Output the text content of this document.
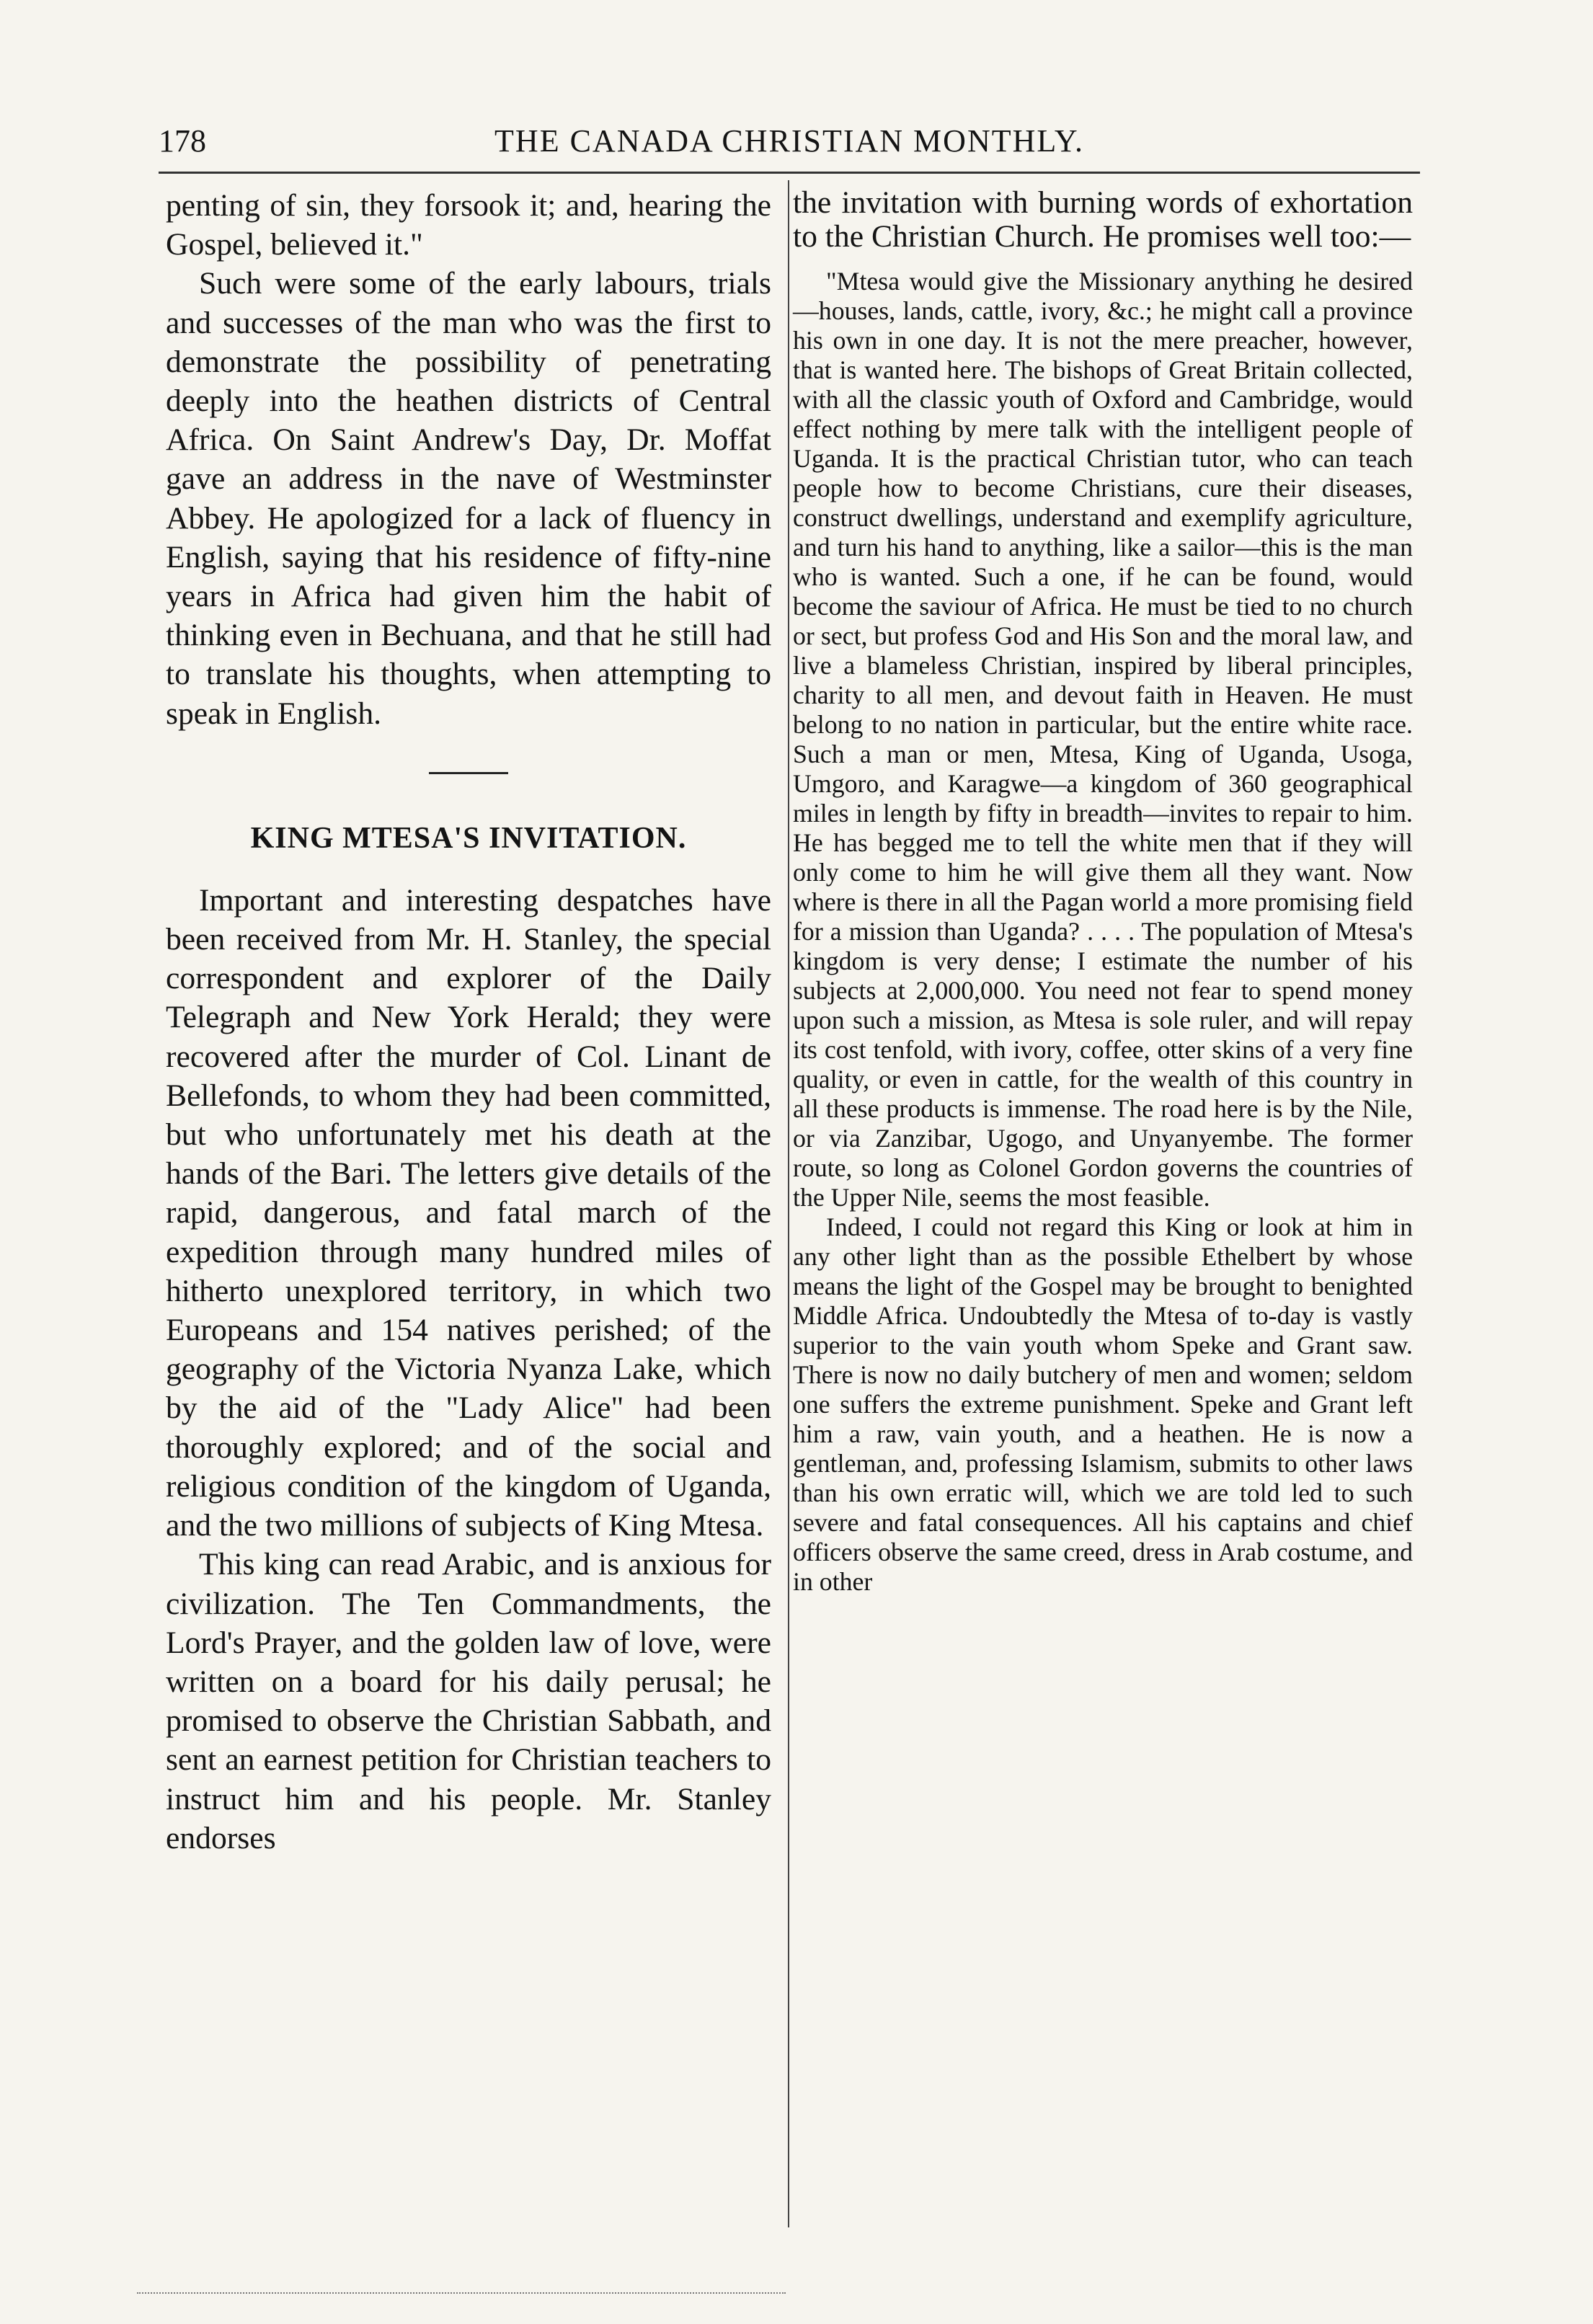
178	THE CANADA CHRISTIAN MONTHLY.

penting of sin, they forsook it; and, hearing the Gospel, believed it."

Such were some of the early labours, trials and successes of the man who was the first to demonstrate the possibility of penetrating deeply into the heathen districts of Central Africa. On Saint Andrew's Day, Dr. Moffat gave an address in the nave of Westminster Abbey. He apologized for a lack of fluency in English, saying that his residence of fifty-nine years in Africa had given him the habit of thinking even in Bechuana, and that he still had to translate his thoughts, when attempting to speak in English.

KING MTESA'S INVITATION.

Important and interesting despatches have been received from Mr. H. Stanley, the special correspondent and explorer of the Daily Telegraph and New York Herald; they were recovered after the murder of Col. Linant de Bellefonds, to whom they had been committed, but who unfortunately met his death at the hands of the Bari. The letters give details of the rapid, dangerous, and fatal march of the expedition through many hundred miles of hitherto unexplored territory, in which two Europeans and 154 natives perished; of the geography of the Victoria Nyanza Lake, which by the aid of the "Lady Alice" had been thoroughly explored; and of the social and religious condition of the kingdom of Uganda, and the two millions of subjects of King Mtesa.

This king can read Arabic, and is anxious for civilization. The Ten Commandments, the Lord's Prayer, and the golden law of love, were written on a board for his daily perusal; he promised to observe the Christian Sabbath, and sent an earnest petition for Christian teachers to instruct him and his people. Mr. Stanley endorses

the invitation with burning words of exhortation to the Christian Church. He promises well too:—

"Mtesa would give the Missionary anything he desired—houses, lands, cattle, ivory, &c.; he might call a province his own in one day. It is not the mere preacher, however, that is wanted here. The bishops of Great Britain collected, with all the classic youth of Oxford and Cambridge, would effect nothing by mere talk with the intelligent people of Uganda. It is the practical Christian tutor, who can teach people how to become Christians, cure their diseases, construct dwellings, understand and exemplify agriculture, and turn his hand to anything, like a sailor—this is the man who is wanted. Such a one, if he can be found, would become the saviour of Africa. He must be tied to no church or sect, but profess God and His Son and the moral law, and live a blameless Christian, inspired by liberal principles, charity to all men, and devout faith in Heaven. He must belong to no nation in particular, but the entire white race. Such a man or men, Mtesa, King of Uganda, Usoga, Umgoro, and Karagwe—a kingdom of 360 geographical miles in length by fifty in breadth—invites to repair to him. He has begged me to tell the white men that if they will only come to him he will give them all they want. Now where is there in all the Pagan world a more promising field for a mission than Uganda? . . . . The population of Mtesa's kingdom is very dense; I estimate the number of his subjects at 2,000,000. You need not fear to spend money upon such a mission, as Mtesa is sole ruler, and will repay its cost tenfold, with ivory, coffee, otter skins of a very fine quality, or even in cattle, for the wealth of this country in all these products is immense. The road here is by the Nile, or via Zanzibar, Ugogo, and Unyanyembe. The former route, so long as Colonel Gordon governs the countries of the Upper Nile, seems the most feasible.

Indeed, I could not regard this King or look at him in any other light than as the possible Ethelbert by whose means the light of the Gospel may be brought to benighted Middle Africa. Undoubtedly the Mtesa of to-day is vastly superior to the vain youth whom Speke and Grant saw. There is now no daily butchery of men and women; seldom one suffers the extreme punishment. Speke and Grant left him a raw, vain youth, and a heathen. He is now a gentleman, and, professing Islamism, submits to other laws than his own erratic will, which we are told led to such severe and fatal consequences. All his captains and chief officers observe the same creed, dress in Arab costume, and in other
